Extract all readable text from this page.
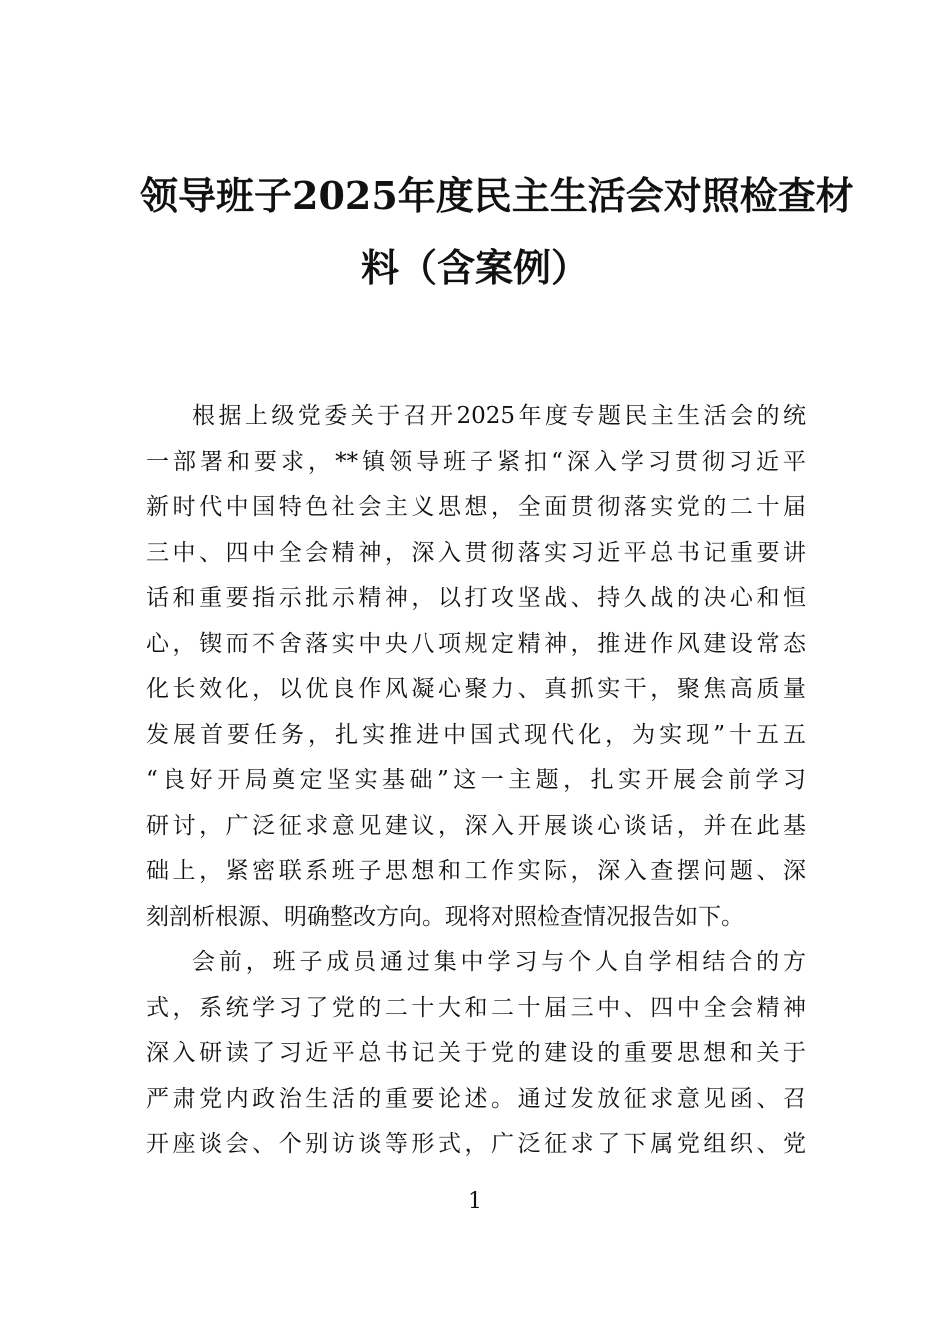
领导班子2025年度民主生活会对照检查材
料（含案例）
根据上级党委关于召开2025年度专题民主生活会的统
一部署和要求，**镇领导班子紧扣“深入学习贯彻习近平
新时代中国特色社会主义思想，全面贯彻落实党的二十届
三中、四中全会精神，深入贯彻落实习近平总书记重要讲
话和重要指示批示精神，以打攻坚战、持久战的决心和恒
心，锲而不舍落实中央八项规定精神，推进作风建设常态
化长效化，以优良作风凝心聚力、真抓实干，聚焦高质量
发展首要任务，扎实推进中国式现代化，为实现”十五五
“良好开局奠定坚实基础”这一主题，扎实开展会前学习
研讨，广泛征求意见建议，深入开展谈心谈话，并在此基
础上，紧密联系班子思想和工作实际，深入查摆问题、深
刻剖析根源、明确整改方向。现将对照检查情况报告如下。
会前，班子成员通过集中学习与个人自学相结合的方
式，系统学习了党的二十大和二十届三中、四中全会精神
深入研读了习近平总书记关于党的建设的重要思想和关于
严肃党内政治生活的重要论述。通过发放征求意见函、召
开座谈会、个别访谈等形式，广泛征求了下属党组织、党
1
